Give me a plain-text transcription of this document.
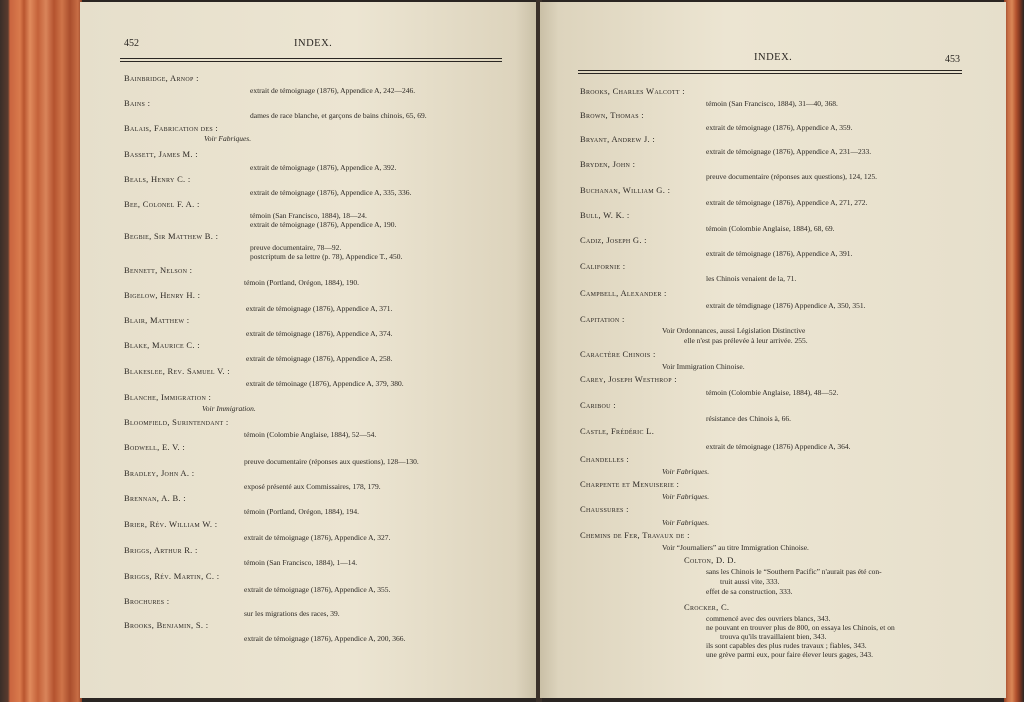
452	INDEX.
Bainbridge, Arnop :
extrait de témoignage (1876), Appendice A, 242—246.
Bains :
dames de race blanche, et garçons de bains chinois, 65, 69.
Balais, Fabrication des :
Voir Fabriques.
Bassett, James M. :
extrait de témoignage (1876), Appendice A, 392.
Beals, Henry C. :
extrait de témoignage (1876), Appendice A, 335, 336.
Bee, Colonel F. A. :
témoin (San Francisco, 1884), 18—24.
extrait de témoignage (1876), Appendice A, 190.
Begbie, Sir Matthew B. :
preuve documentaire, 78—92.
postcriptum de sa lettre (p. 78), Appendice T., 450.
Bennett, Nelson :
témoin (Portland, Orégon, 1884), 190.
Bigelow, Henry H. :
extrait de témoignage (1876), Appendice A, 371.
Blair, Matthew :
extrait de témoignage (1876), Appendice A, 374.
Blake, Maurice C. :
extrait de témoignage (1876), Appendice A, 258.
Blakeslee, Rev. Samuel V. :
extrait de témoinage (1876), Appendice A, 379, 380.
Blanche, Immigration :
Voir Immigration.
Bloomfield, Surintendant :
témoin (Colombie Anglaise, 1884), 52—54.
Bodwell, E. V. :
preuve documentaire (réponses aux questions), 128—130.
Bradley, John A. :
exposé présenté aux Commissaires, 178, 179.
Brennan, A. B. :
témoin (Portland, Orégon, 1884), 194.
Brier, Rév. William W. :
extrait de témoignage (1876), Appendice A, 327.
Briggs, Arthur R. :
témoin (San Francisco, 1884), 1—14.
Briggs, Rév. Martin, C. :
extrait de témoignage (1876), Appendice A, 355.
Brochures :
sur les migrations des races, 39.
Brooks, Benjamin, S. :
extrait de témoignage (1876), Appendice A, 200, 366.
INDEX.	453
Brooks, Charles Walcott :
témoin (San Francisco, 1884), 31—40, 368.
Brown, Thomas :
extrait de témoignage (1876), Appendice A, 359.
Bryant, Andrew J. :
extrait de témoignage (1876), Appendice A, 231—233.
Bryden, John :
preuve documentaire (réponses aux questions), 124, 125.
Buchanan, William G. :
extrait de témoignage (1876), Appendice A, 271, 272.
Bull, W. K. :
témoin (Colombie Anglaise, 1884), 68, 69.
Cadiz, Joseph G. :
extrait de témoignage (1876), Appendice A, 391.
Californie :
les Chinois venaient de la, 71.
Campbell, Alexander :
extrait de témdignage (1876) Appendice A, 350, 351.
Capitation :
Voir Ordonnances, aussi Législation Distinctive
elle n'est pas prélevée à leur arrivée. 255.
Caractère Chinois :
Voir Immigration Chinoise.
Carey, Joseph Westhrop :
témoin (Colombie Anglaise, 1884), 48—52.
Caribou :
résistance des Chinois à, 66.
Castle, Frédéric L.
extrait de témoignage (1876) Appendice A, 364.
Chandelles :
Voir Fabriques.
Charpente et Menuiserie :
Voir Fabriques.
Chaussures :
Voir Fabriques.
Chemins de Fer, Travaux de :
Voir “Journaliers” au titre Immigration Chinoise.
Colton, D. D.
sans les Chinois le “Southern Pacific” n'aurait pas été con-
truit aussi vite, 333.
effet de sa construction, 333.
Crocker, C.
commencé avec des ouvriers blancs, 343.
ne pouvant en trouver plus de 800, on essaya les Chinois, et on
trouva qu'ils travaillaient bien, 343.
ils sont capables des plus rudes travaux ; fiables, 343.
une grève parmi eux, pour faire élever leurs gages, 343.
